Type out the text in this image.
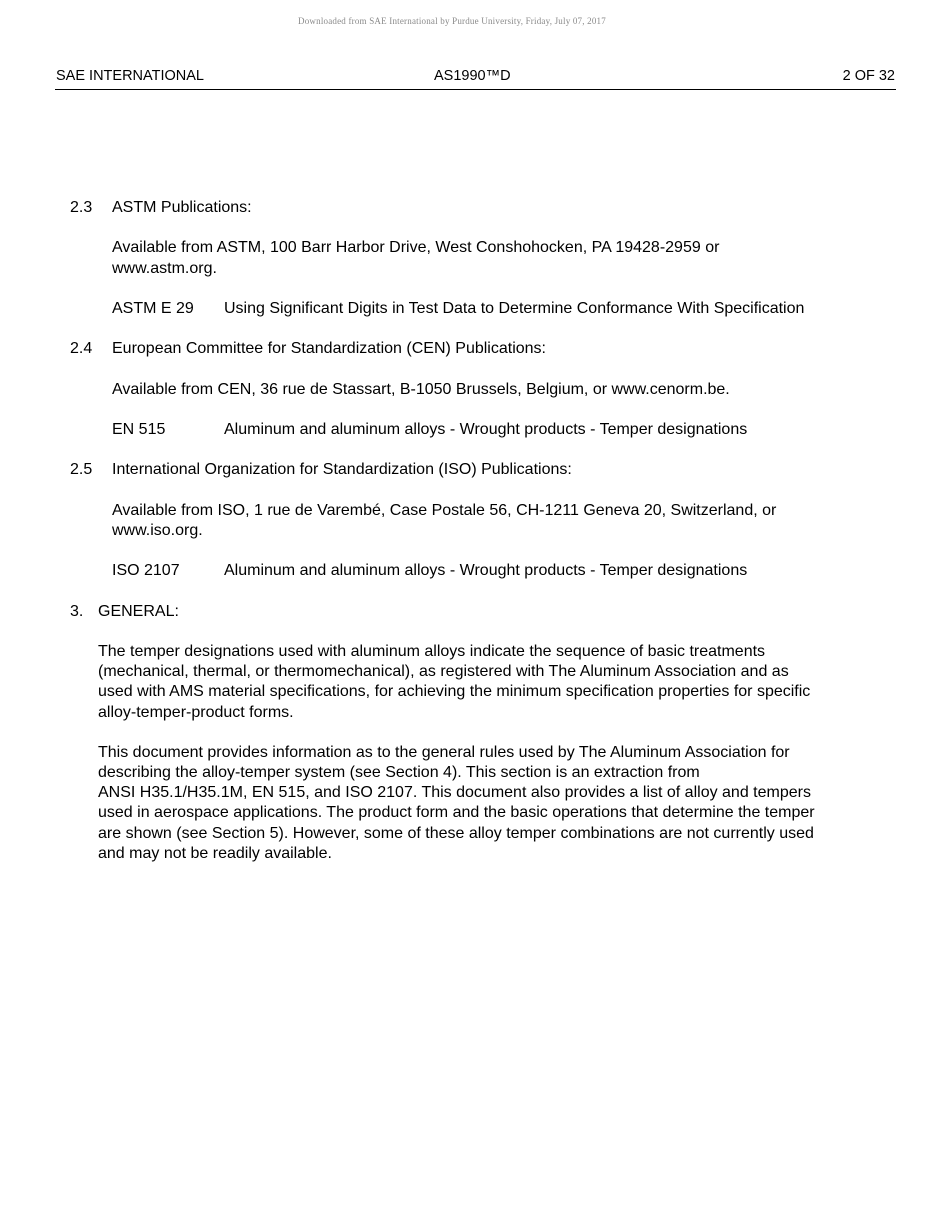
Downloaded from SAE International by Purdue University, Friday, July 07, 2017
SAE INTERNATIONAL	AS1990™D	2 OF 32
2.3 ASTM Publications:
Available from ASTM, 100 Barr Harbor Drive, West Conshohocken, PA 19428-2959 or
www.astm.org.
ASTM E 29 Using Significant Digits in Test Data to Determine Conformance With Specification
2.4 European Committee for Standardization (CEN) Publications:
Available from CEN, 36 rue de Stassart, B-1050 Brussels, Belgium, or www.cenorm.be.
EN 515	Aluminum and aluminum alloys - Wrought products - Temper designations
2.5 International Organization for Standardization (ISO) Publications:
Available from ISO, 1 rue de Varembé, Case Postale 56, CH-1211 Geneva 20, Switzerland, or
www.iso.org.
ISO 2107	Aluminum and aluminum alloys - Wrought products - Temper designations
3. GENERAL:
The temper designations used with aluminum alloys indicate the sequence of basic treatments
(mechanical, thermal, or thermomechanical), as registered with The Aluminum Association and as
used with AMS material specifications, for achieving the minimum specification properties for specific
alloy-temper-product forms.
This document provides information as to the general rules used by The Aluminum Association for
describing the alloy-temper system (see Section 4). This section is an extraction from
ANSI H35.1/H35.1M, EN 515, and ISO 2107. This document also provides a list of alloy and tempers
used in aerospace applications. The product form and the basic operations that determine the temper
are shown (see Section 5). However, some of these alloy temper combinations are not currently used
and may not be readily available.
